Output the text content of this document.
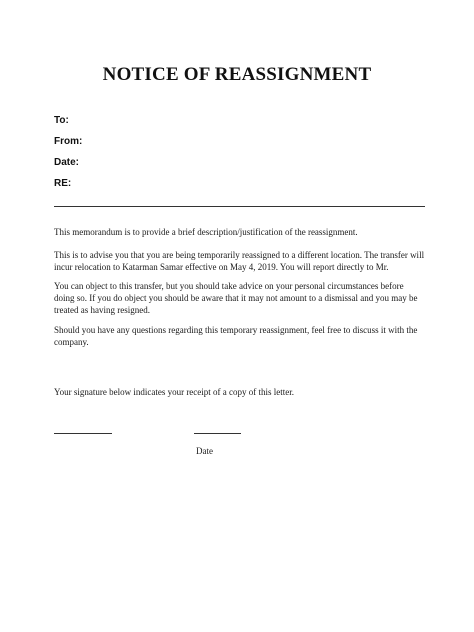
NOTICE OF REASSIGNMENT
To:
From:
Date:
RE:

This memorandum is to provide a brief description/justification of the reassignment.

This is to advise you that you are being temporarily reassigned to a different location. The transfer will incur relocation to Katarman Samar effective on May 4, 2019. You will report directly to Mr.

You can object to this transfer, but you should take advice on your personal circumstances before doing so. If you do object you should be aware that it may not amount to a dismissal and you may be treated as having resigned.

Should you have any questions regarding this temporary reassignment, feel free to discuss it with the company.

Your signature below indicates your receipt of a copy of this letter.

Date
